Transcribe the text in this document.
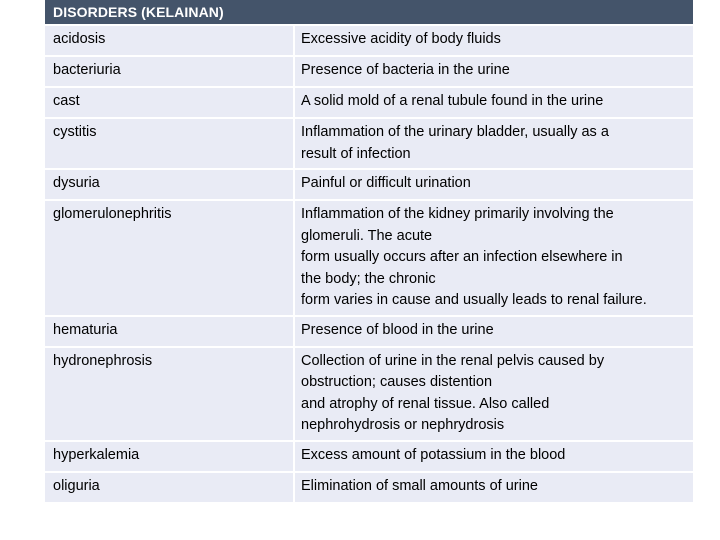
DISORDERS (KELAINAN)	
acidosis	Excessive acidity of body fluids
bacteriuria	Presence of bacteria in the urine
cast	A solid mold of a renal tubule found in the urine
cystitis	Inflammation of the urinary bladder, usually as a
result of infection
dysuria	Painful or difficult urination
glomerulonephritis	Inflammation of the kidney primarily involving the
glomeruli. The acute
form usually occurs after an infection elsewhere in
the body; the chronic
form varies in cause and usually leads to renal failure.
hematuria	Presence of blood in the urine
hydronephrosis	Collection of urine in the renal pelvis caused by
obstruction; causes distention
and atrophy of renal tissue. Also called
nephrohydrosis or nephrydrosis
hyperkalemia	Excess amount of potassium in the blood
oliguria	Elimination of small amounts of urine
